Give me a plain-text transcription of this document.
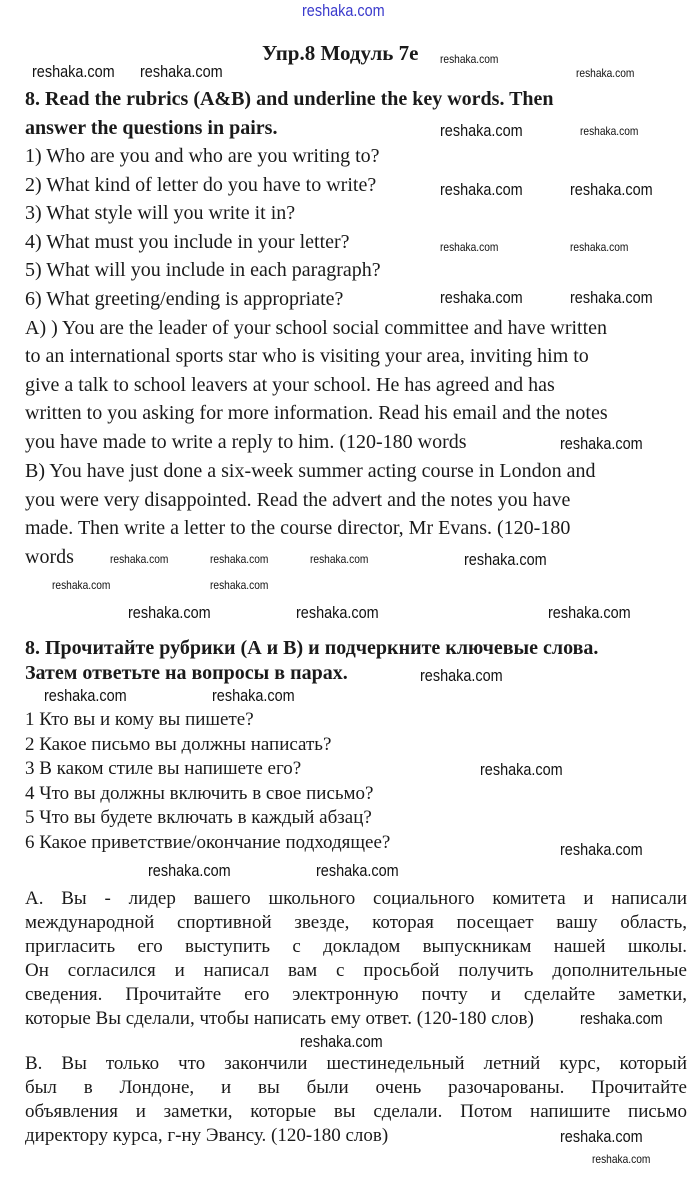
reshaka.com
Упр.8 Модуль 7е
8. Read the rubrics (A&B) and underline the key words. Then
answer the questions in pairs.
1) Who are you and who are you writing to?
2) What kind of letter do you have to write?
3) What style will you write it in?
4) What must you include in your letter?
5) What will you include in each paragraph?
6) What greeting/ending is appropriate?
A) ) You are the leader of your school social committee and have written
to an international sports star who is visiting your area, inviting him to
give a talk to school leavers at your school. He has agreed and has
written to you asking for more information. Read his email and the notes
you have made to write a reply to him. (120-180 words
B) You have just done a six-week summer acting course in London and
you were very disappointed. Read the advert and the notes you have
made. Then write a letter to the course director, Mr Evans. (120-180
words
8. Прочитайте рубрики (А и В) и подчеркните ключевые слова.
Затем ответьте на вопросы в парах.
1 Кто вы и кому вы пишете?
2 Какое письмо вы должны написать?
3 В каком стиле вы напишете его?
4 Что вы должны включить в свое письмо?
5 Что вы будете включать в каждый абзац?
6 Какое приветствие/окончание подходящее?
А. Вы - лидер вашего школьного социального комитета и написали
международной спортивной звезде, которая посещает вашу область,
пригласить его выступить с докладом выпускникам нашей школы.
Он согласился и написал вам с просьбой получить дополнительные
сведения. Прочитайте его электронную почту и сделайте заметки,
которые Вы сделали, чтобы написать ему ответ. (120-180 слов)
В. Вы только что закончили шестинедельный летний курс, который
был в Лондоне, и вы были очень разочарованы. Прочитайте
объявления и заметки, которые вы сделали. Потом напишите письмо
директору курса, г-ну Эвансу. (120-180 слов)
reshaka.com
reshaka.com reshaka.com	reshaka.com
reshaka.com	reshaka.com
reshaka.com
reshaka.com	reshaka.com
reshaka.com
reshaka.com	reshaka.com
reshaka.com
reshaka.com
reshaka.com	reshaka.com
reshaka.com	reshaka.com
reshaka.com
reshaka.com	reshaka.com	reshaka.com
reshaka.com	reshaka.com
reshaka.com
reshaka.com
reshaka.com	reshaka.com
reshaka.com
reshaka.com
reshaka.com
reshaka.com
reshaka.com
